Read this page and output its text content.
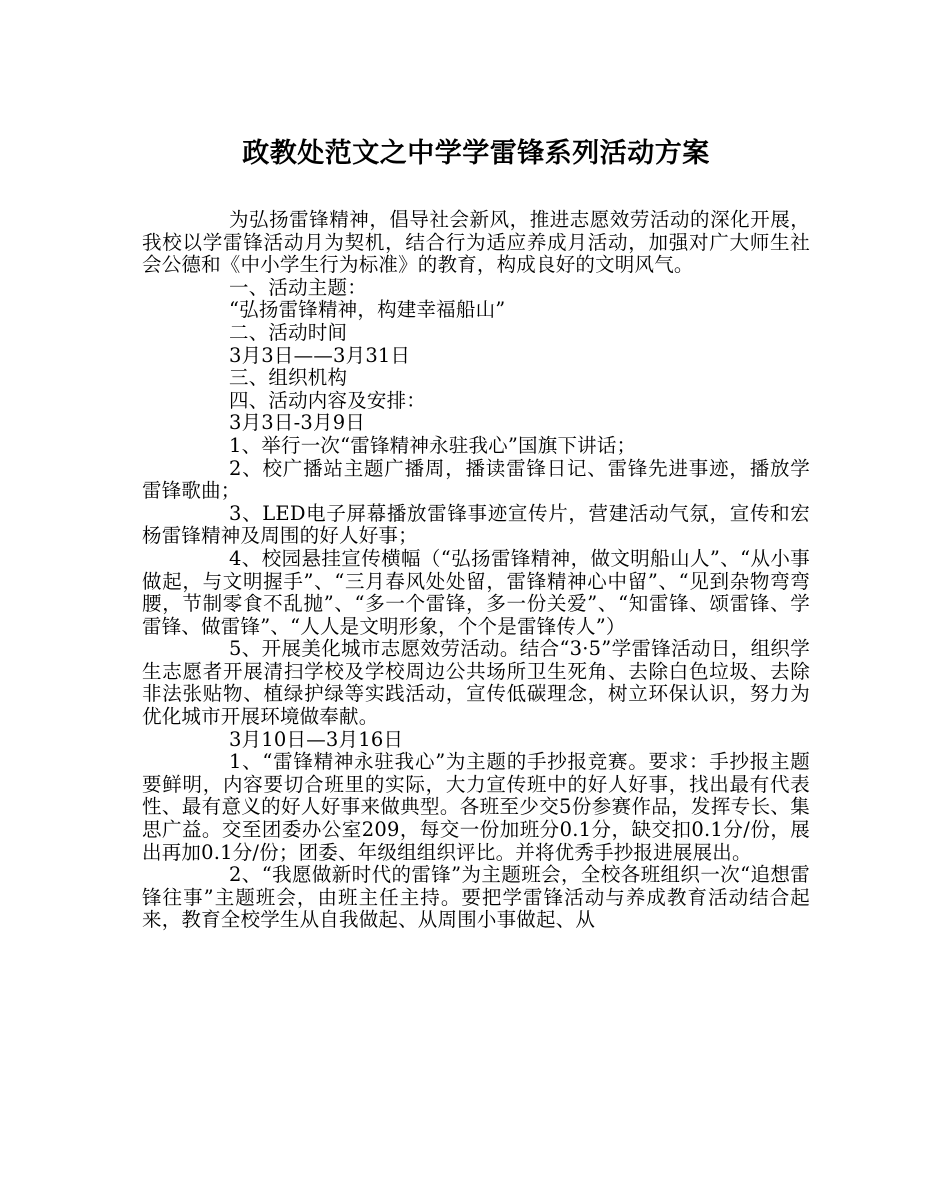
政教处范文之中学学雷锋系列活动方案

为弘扬雷锋精神，倡导社会新风，推进志愿效劳活动的深化开展，我校以学雷锋活动月为契机，结合行为适应养成月活动，加强对广大师生社会公德和《中小学生行为标准》的教育，构成良好的文明风气。

一、活动主题：

“弘扬雷锋精神，构建幸福船山”

二、活动时间

3月3日——3月31日

三、组织机构

四、活动内容及安排：

3月3日-3月9日

1、举行一次“雷锋精神永驻我心”国旗下讲话；

2、校广播站主题广播周，播读雷锋日记、雷锋先进事迹，播放学雷锋歌曲；

3、LED电子屏幕播放雷锋事迹宣传片，营建活动气氛，宣传和宏杨雷锋精神及周围的好人好事；

4、校园悬挂宣传横幅（“弘扬雷锋精神，做文明船山人”、“从小事做起，与文明握手”、“三月春风处处留，雷锋精神心中留”、“见到杂物弯弯腰，节制零食不乱抛”、“多一个雷锋，多一份关爱”、“知雷锋、颂雷锋、学雷锋、做雷锋”、“人人是文明形象，个个是雷锋传人”）

5、开展美化城市志愿效劳活动。结合“3·5”学雷锋活动日，组织学生志愿者开展清扫学校及学校周边公共场所卫生死角、去除白色垃圾、去除非法张贴物、植绿护绿等实践活动，宣传低碳理念，树立环保认识，努力为优化城市开展环境做奉献。

3月10日—3月16日

1、“雷锋精神永驻我心”为主题的手抄报竞赛。要求：手抄报主题要鲜明，内容要切合班里的实际，大力宣传班中的好人好事，找出最有代表性、最有意义的好人好事来做典型。各班至少交5份参赛作品，发挥专长、集思广益。交至团委办公室209，每交一份加班分0.1分，缺交扣0.1分/份，展出再加0.1分/份；团委、年级组组织评比。并将优秀手抄报进展展出。

2、“我愿做新时代的雷锋”为主题班会，全校各班组织一次“追想雷锋往事”主题班会，由班主任主持。要把学雷锋活动与养成教育活动结合起来，教育全校学生从自我做起、从周围小事做起、从
